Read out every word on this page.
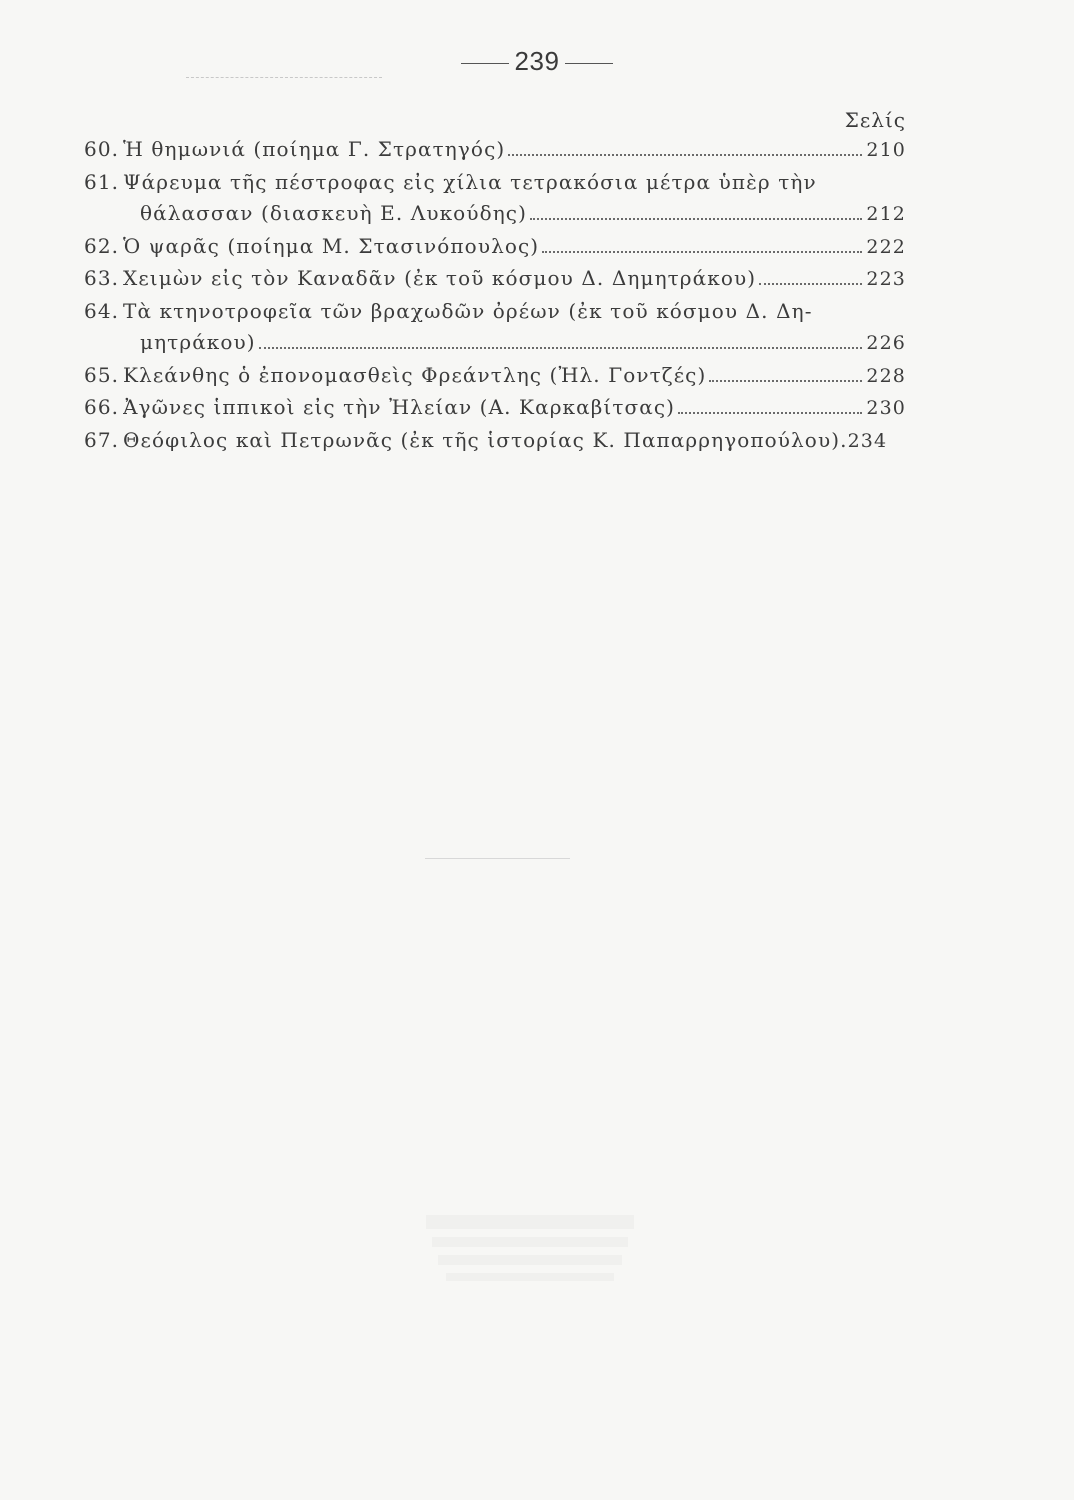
239
Σελίς
60. Ἡ θημωνιά (ποίημα Γ. Στρατηγός)	210
61. Ψάρευμα τῆς πέστροφας εἰς χίλια τετρακόσια μέτρα ὑπὲρ τὴν
θάλασσαν (διασκευὴ Ε. Λυκούδης)	212
62. Ὁ ψαρᾶς (ποίημα Μ. Στασινόπουλος)	222
63. Χειμὼν εἰς τὸν Καναδᾶν (ἐκ τοῦ κόσμου Δ. Δημητράκου)	223
64. Τὰ κτηνοτροφεῖα τῶν βραχωδῶν ὀρέων (ἐκ τοῦ κόσμου Δ. Δη-
μητράκου)	226
65. Κλεάνθης ὁ ἐπονομασθεὶς Φρεάντλης (Ἠλ. Γοντζές)	228
66. Ἀγῶνες ἱππικοὶ εἰς τὴν Ἠλείαν (Α. Καρκαβίτσας)	230
67. Θεόφιλος καὶ Πετρωνᾶς (ἐκ τῆς ἱστορίας Κ. Παπαρρηγοπούλου). 234
